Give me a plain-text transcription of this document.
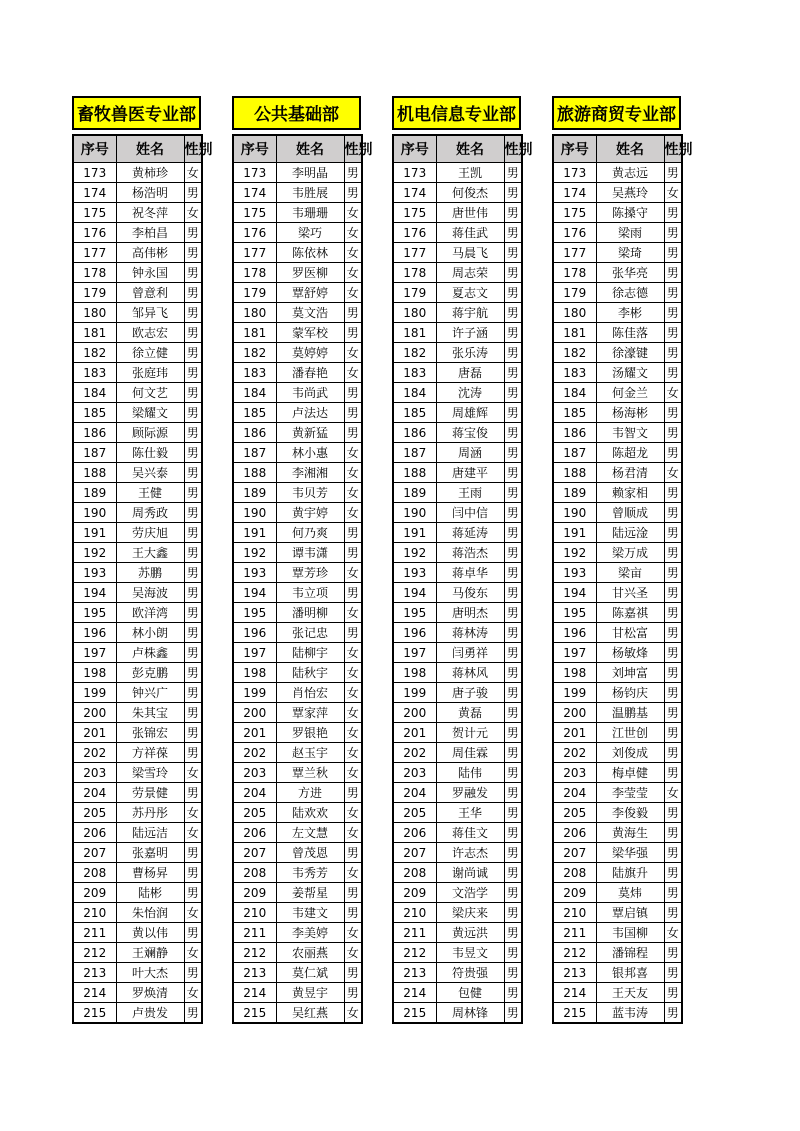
畜牧兽医专业部
序号	姓名	性别
173	黄柿珍	女
174	杨浩明	男
175	祝冬萍	女
176	李柏昌	男
177	高伟彬	男
178	钟永国	男
179	曾意利	男
180	邹异飞	男
181	欧志宏	男
182	徐立健	男
183	张庭玮	男
184	何文艺	男
185	梁耀文	男
186	顾际源	男
187	陈仕毅	男
188	吴兴泰	男
189	王健	男
190	周秀政	男
191	劳庆旭	男
192	王大鑫	男
193	苏鹏	男
194	吴海波	男
195	欧洋湾	男
196	林小朗	男
197	卢株鑫	男
198	彭克鹏	男
199	钟兴广	男
200	朱其宝	男
201	张锦宏	男
202	方祥葆	男
203	梁雪玲	女
204	劳景健	男
205	苏丹彤	女
206	陆远洁	女
207	张嘉明	男
208	曹杨昇	男
209	陆彬	男
210	朱怡润	女
211	黄以伟	男
212	王斓静	女
213	叶大杰	男
214	罗焕清	女
215	卢贵发	男
公共基础部
序号	姓名	性别
173	李明晶	男
174	韦胜展	男
175	韦珊珊	女
176	梁巧	女
177	陈依林	女
178	罗医柳	女
179	覃舒婷	女
180	莫文浩	男
181	蒙军校	男
182	莫婷婷	女
183	潘春艳	女
184	韦尚武	男
185	卢法达	男
186	黄新猛	男
187	林小惠	女
188	李湘湘	女
189	韦贝芳	女
190	黄宇婷	女
191	何乃爽	男
192	谭韦潇	男
193	覃芳珍	女
194	韦立项	男
195	潘明柳	女
196	张记忠	男
197	陆柳宇	女
198	陆秋宇	女
199	肖怡宏	女
200	覃家萍	女
201	罗银艳	女
202	赵玉宇	女
203	覃兰秋	女
204	方进	男
205	陆欢欢	女
206	左文慧	女
207	曾茂恩	男
208	韦秀芳	女
209	姜帮星	男
210	韦建文	男
211	李美婷	女
212	农丽燕	女
213	莫仁斌	男
214	黄昱宇	男
215	吴红燕	女
机电信息专业部
序号	姓名	性别
173	王凯	男
174	何俊杰	男
175	唐世伟	男
176	蒋佳武	男
177	马晨飞	男
178	周志荣	男
179	夏志文	男
180	蒋宇航	男
181	许子涵	男
182	张乐涛	男
183	唐磊	男
184	沈涛	男
185	周雄辉	男
186	蒋宝俊	男
187	周涵	男
188	唐建平	男
189	王雨	男
190	闫中信	男
191	蒋延涛	男
192	蒋浩杰	男
193	蒋卓华	男
194	马俊东	男
195	唐明杰	男
196	蒋林涛	男
197	闫勇祥	男
198	蒋林风	男
199	唐子骏	男
200	黄磊	男
201	贺计元	男
202	周佳霖	男
203	陆伟	男
204	罗融发	男
205	王华	男
206	蒋佳文	男
207	许志杰	男
208	谢尚诚	男
209	文浩学	男
210	梁庆来	男
211	黄远洪	男
212	韦昱文	男
213	符贵强	男
214	包健	男
215	周林锋	男
旅游商贸专业部
序号	姓名	性别
173	黄志远	男
174	吴燕玲	女
175	陈搡守	男
176	梁雨	男
177	梁琦	男
178	张华亮	男
179	徐志德	男
180	李彬	男
181	陈佳落	男
182	徐濠键	男
183	汤耀文	男
184	何金兰	女
185	杨海彬	男
186	韦智文	男
187	陈超龙	男
188	杨君清	女
189	赖家相	男
190	曾顺成	男
191	陆远淦	男
192	梁万成	男
193	梁亩	男
194	甘兴圣	男
195	陈嘉祺	男
196	甘松富	男
197	杨敏烽	男
198	刘坤富	男
199	杨钧庆	男
200	温鹏基	男
201	江世创	男
202	刘俊成	男
203	梅卓健	男
204	李莹莹	女
205	李俊毅	男
206	黄海生	男
207	梁华强	男
208	陆旗升	男
209	莫炜	男
210	覃启镇	男
211	韦国柳	女
212	潘锦程	男
213	银邦喜	男
214	王天友	男
215	蓝韦涛	男
